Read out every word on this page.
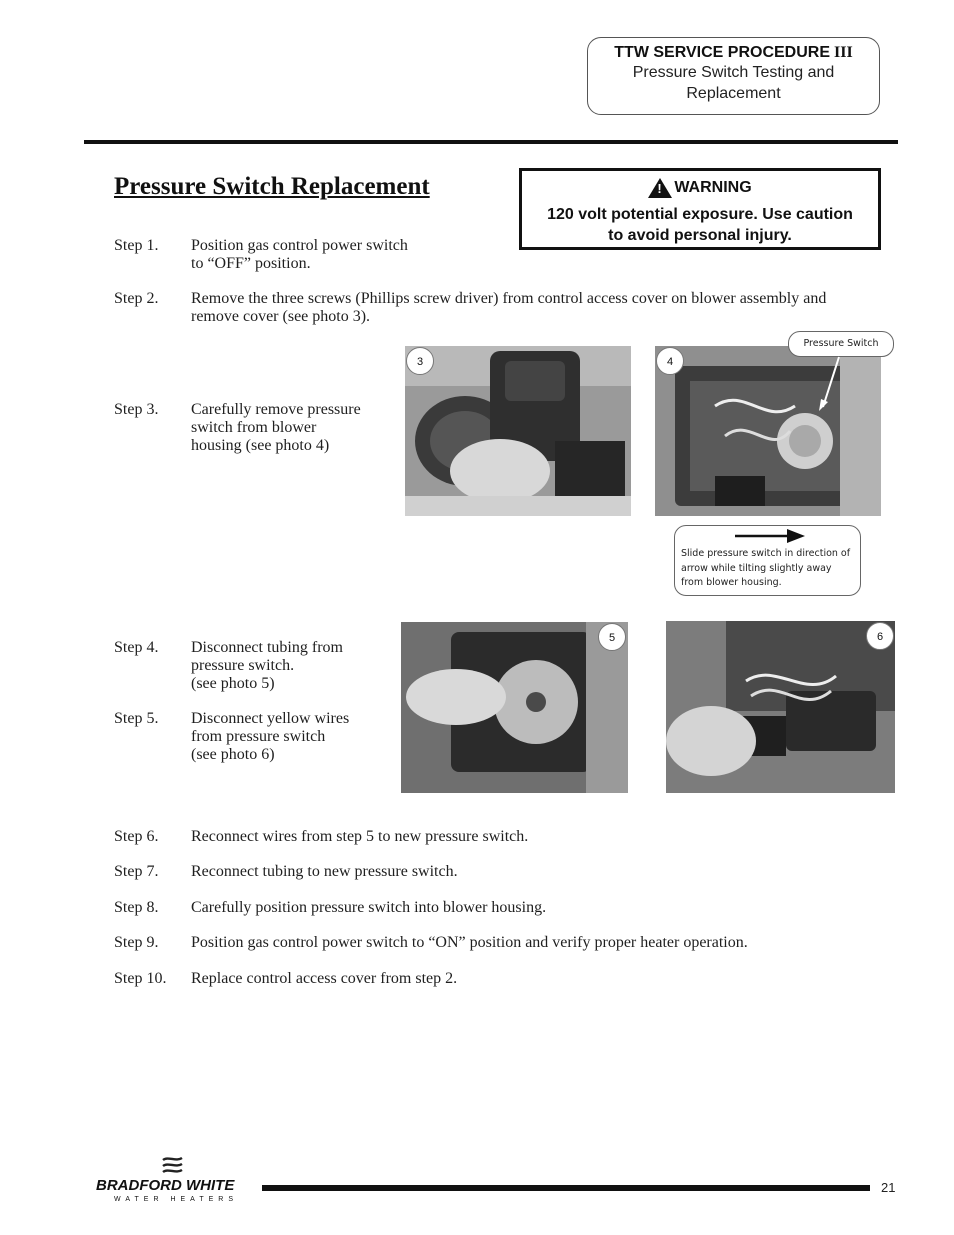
TTW SERVICE PROCEDURE III
Pressure Switch Testing and
Replacement
Pressure Switch Replacement	! WARNING
120 volt potential exposure. Use caution
to avoid personal injury.
Step 1. Position gas control power switch
to “OFF” position.
Step 2. Remove the three screws (Phillips screw driver) from control access cover on blower assembly and
remove cover (see photo 3).
Step 3. Carefully remove pressure
switch from blower
housing (see photo 4)
Step 4. Disconnect tubing from
pressure switch.
(see photo 5)
Step 5. Disconnect yellow wires
from pressure switch
(see photo 6)
Step 6. Reconnect wires from step 5 to new pressure switch.
Step 7. Reconnect tubing to new pressure switch.
Step 8. Carefully position pressure switch into blower housing.
Step 9. Position gas control power switch to “ON” position and verify proper heater operation.
Step 10. Replace control access cover from step 2.
3	4
Pressure Switch
Slide pressure switch in direction of
arrow while tilting slightly away
from blower housing.
5	6
BRADFORD WHITE
WATER HEATERS
21
